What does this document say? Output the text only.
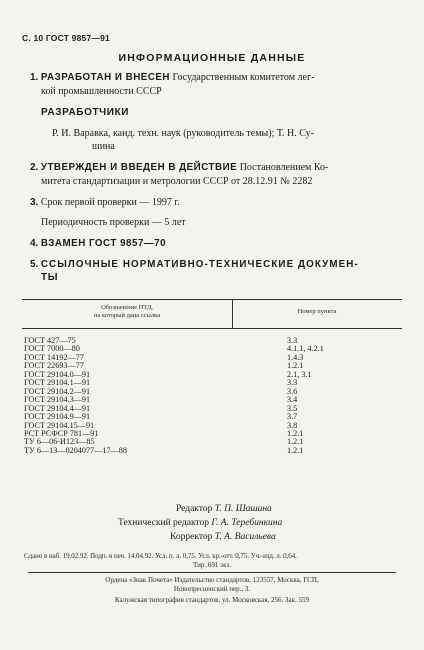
С. 10 ГОСТ 9857—91
ИНФОРМАЦИОННЫЕ ДАННЫЕ
1. РАЗРАБОТАН И ВНЕСЕН Государственным комитетом лег-
кой промышленности СССР
РАЗРАБОТЧИКИ
Р. И. Варавка, канд. техн. наук (руководитель темы); Т. Н. Су-
шина
2. УТВЕРЖДЕН И ВВЕДЕН В ДЕЙСТВИЕ Постановлением Ко-
митета стандартизации и метрологии СССР от 28.12.91 № 2282
3. Срок первой проверки — 1997 г.
Периодичность проверки — 5 лет
4. ВЗАМЕН ГОСТ 9857—70
5. ССЫЛОЧНЫЕ НОРМАТИВНО-ТЕХНИЧЕСКИЕ ДОКУМЕН-
ТЫ
Обозначение НТД,
на который дана ссылка
Номер пункта
ГОСТ 427—75	3.3
ГОСТ 7000—80	4.1.1, 4.2.1
ГОСТ 14192—77	1.4.3
ГОСТ 22693—77	1.2.1
ГОСТ 29104.0—91	2.1, 3.1
ГОСТ 29104.1—91	3.3
ГОСТ 29104.2—91	3.6
ГОСТ 29104.3—91	3.4
ГОСТ 29104.4—91	3.5
ГОСТ 29104.9—91	3.7
ГОСТ 29104.15—91	3.8
РСТ РСФСР 781—91	1.2.1
ТУ 6—06-И123—85	1.2.1
ТУ 6—13—0204077—17—88	1.2.1
Редактор Т. П. Шашина
Технический редактор Г. А. Теребинкина
Корректор Т. А. Васильева
Сдано в наб. 19.02.92. Подп. в печ. 14.04.92. Усл. п. л. 0,75. Усл. кр.-отт. 0,75. Уч.-изд. л. 0,64.
Тир. 691 экз.
Ордена «Знак Почета» Издательство стандартов, 123557, Москва, ГСП,
Новопресненский пер., 3.
Калужская типография стандартов, ул. Московская, 256. Зак. 559
